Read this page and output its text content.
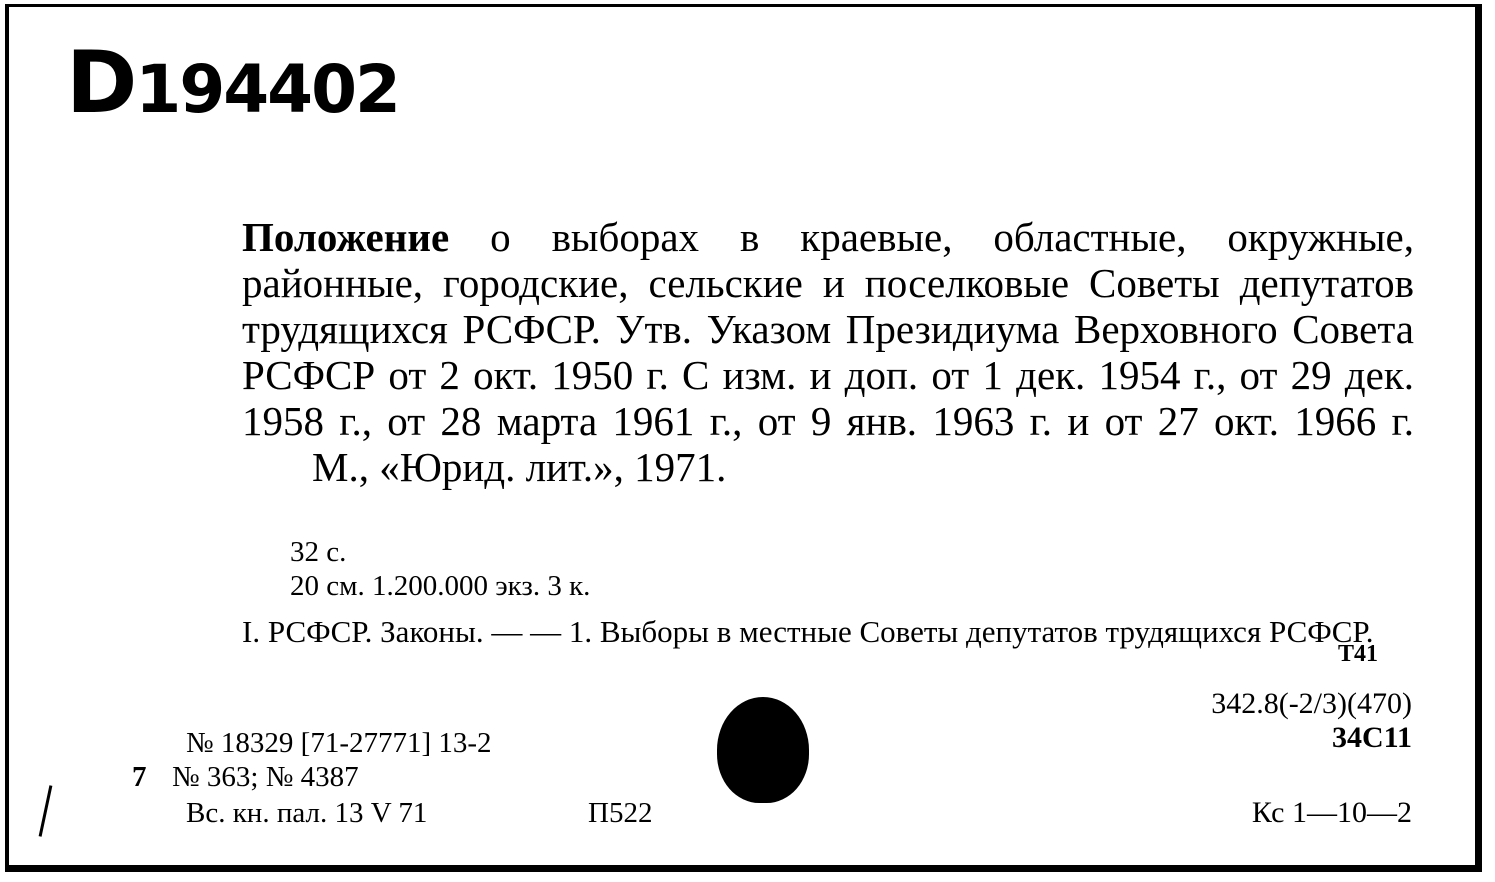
D194402
Положение о выборах в краевые, областные, окружные, районные, городские, сельские и поселковые Советы депутатов трудящихся РСФСР. Утв. Указом Президиума Верховного Совета РСФСР от 2 окт. 1950 г. С изм. и доп. от 1 дек. 1954 г., от 29 дек. 1958 г., от 28 марта 1961 г., от 9 янв. 1963 г. и от 27 окт. 1966 г.М., «Юрид. лит.», 1971.
32 с.
20 см. 1.200.000 экз. 3 к.
I. РСФСР. Законы. — — 1. Выборы в местные Советы депутатов трудящихся РСФСР.
Т41
342.8(-2/3)(470)
34С11
Кс 1—10—2
№ 18329 [71-27771] 13-2
7 № 363; № 4387
Вс. кн. пал. 13 V 71	П522
